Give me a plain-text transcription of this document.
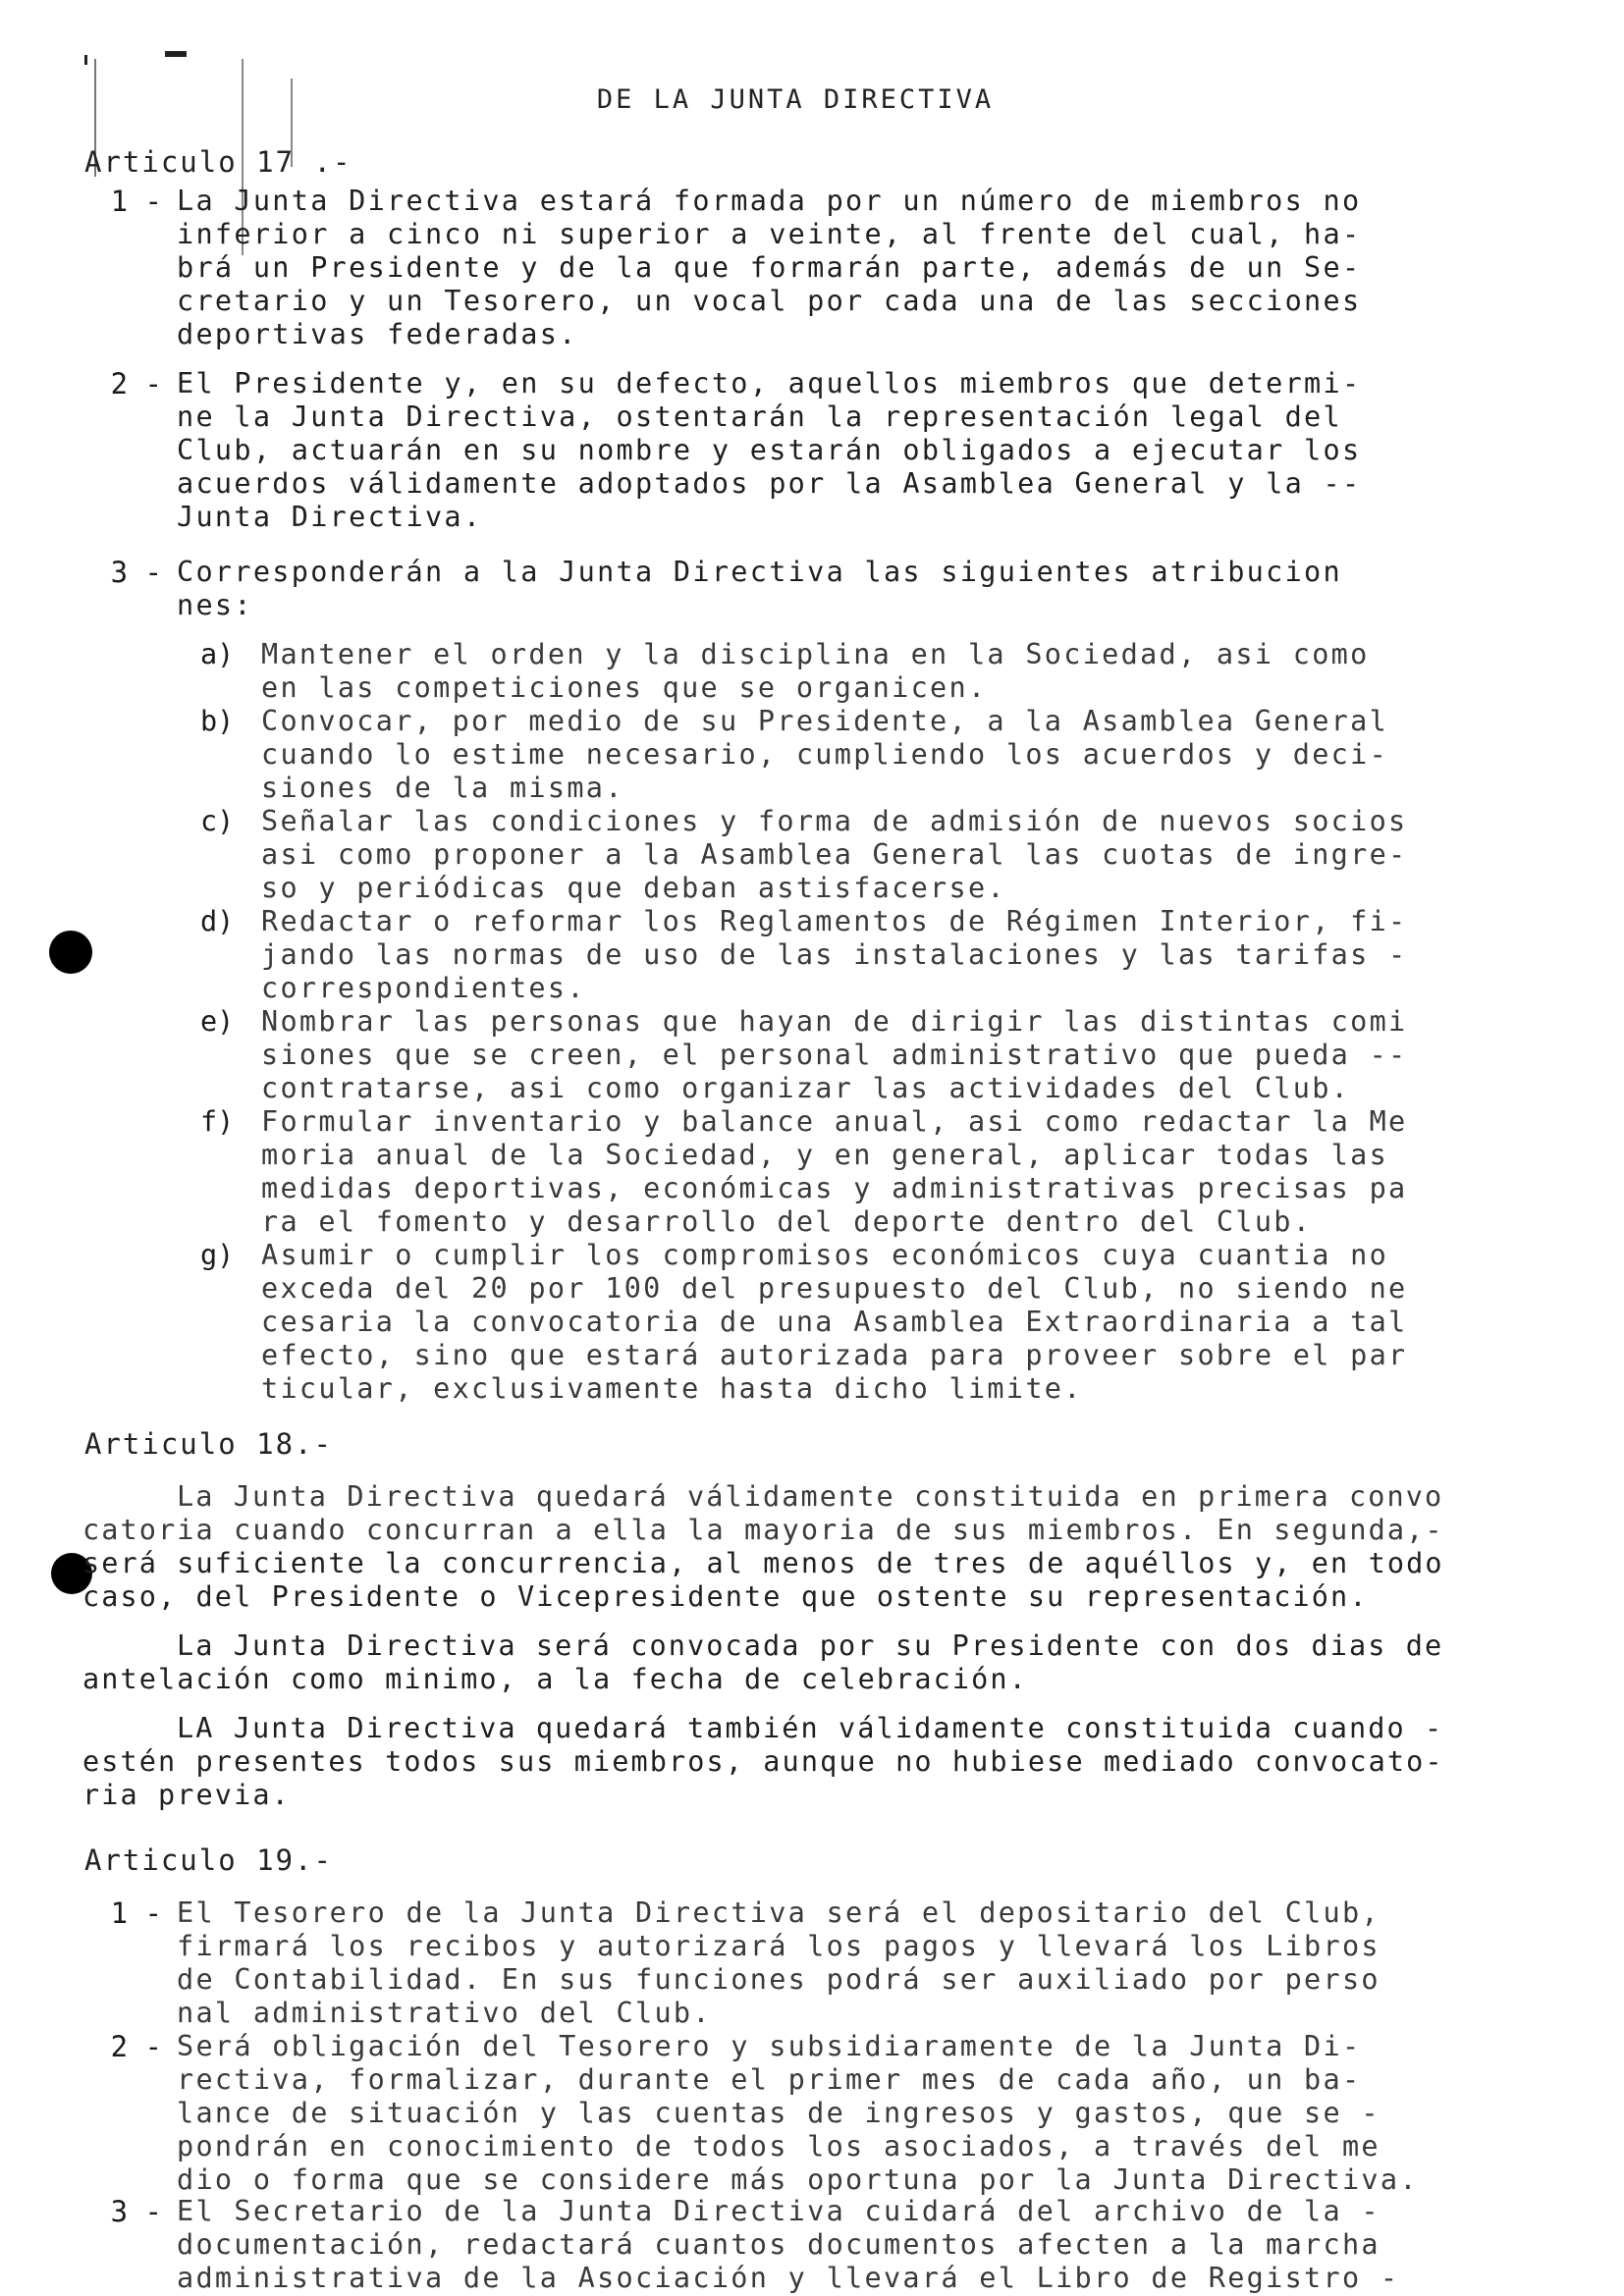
DE LA JUNTA DIRECTIVA
Articulo 17 .-
1 - La Junta Directiva estará formada por un número de miembros no
inferior a cinco ni superior a veinte, al frente del cual, ha-
brá un Presidente y de la que formarán parte, además de un Se-
cretario y un Tesorero, un vocal por cada una de las secciones
deportivas federadas.
2 - El Presidente y, en su defecto, aquellos miembros que determi-
ne la Junta Directiva, ostentarán la representación legal del
Club, actuarán en su nombre y estarán obligados a ejecutar los
acuerdos válidamente adoptados por la Asamblea General y la --
Junta Directiva.
3 - Corresponderán a la Junta Directiva las siguientes atribucion
nes:
a) Mantener el orden y la disciplina en la Sociedad, asi como
en las competiciones que se organicen.
b) Convocar, por medio de su Presidente, a la Asamblea General
cuando lo estime necesario, cumpliendo los acuerdos y deci-
siones de la misma.
c) Señalar las condiciones y forma de admisión de nuevos socios
asi como proponer a la Asamblea General las cuotas de ingre-
so y periódicas que deban astisfacerse.
d) Redactar o reformar los Reglamentos de Régimen Interior, fi-
jando las normas de uso de las instalaciones y las tarifas -
correspondientes.
e) Nombrar las personas que hayan de dirigir las distintas comi
siones que se creen, el personal administrativo que pueda --
contratarse, asi como organizar las actividades del Club.
f) Formular inventario y balance anual, asi como redactar la Me
moria anual de la Sociedad, y en general, aplicar todas las
medidas deportivas, económicas y administrativas precisas pa
ra el fomento y desarrollo del deporte dentro del Club.
g) Asumir o cumplir los compromisos económicos cuya cuantia no
exceda del 20 por 100 del presupuesto del Club, no siendo ne
cesaria la convocatoria de una Asamblea Extraordinaria a tal
efecto, sino que estará autorizada para proveer sobre el par
ticular, exclusivamente hasta dicho limite.
Articulo 18.-
La Junta Directiva quedará válidamente constituida en primera convo
catoria cuando concurran a ella la mayoria de sus miembros. En segunda,-
será suficiente la concurrencia, al menos de tres de aquéllos y, en todo
caso, del Presidente o Vicepresidente que ostente su representación.
La Junta Directiva será convocada por su Presidente con dos dias de
antelación como minimo, a la fecha de celebración.
LA Junta Directiva quedará también válidamente constituida cuando -
estén presentes todos sus miembros, aunque no hubiese mediado convocato-
ria previa.
Articulo 19.-
1 - El Tesorero de la Junta Directiva será el depositario del Club,
firmará los recibos y autorizará los pagos y llevará los Libros
de Contabilidad. En sus funciones podrá ser auxiliado por perso
nal administrativo del Club.
2 - Será obligación del Tesorero y subsidiaramente de la Junta Di-
rectiva, formalizar, durante el primer mes de cada año, un ba-
lance de situación y las cuentas de ingresos y gastos, que se -
pondrán en conocimiento de todos los asociados, a través del me
dio o forma que se considere más oportuna por la Junta Directiva.
3 - El Secretario de la Junta Directiva cuidará del archivo de la -
documentación, redactará cuantos documentos afecten a la marcha
administrativa de la Asociación y llevará el Libro de Registro -
